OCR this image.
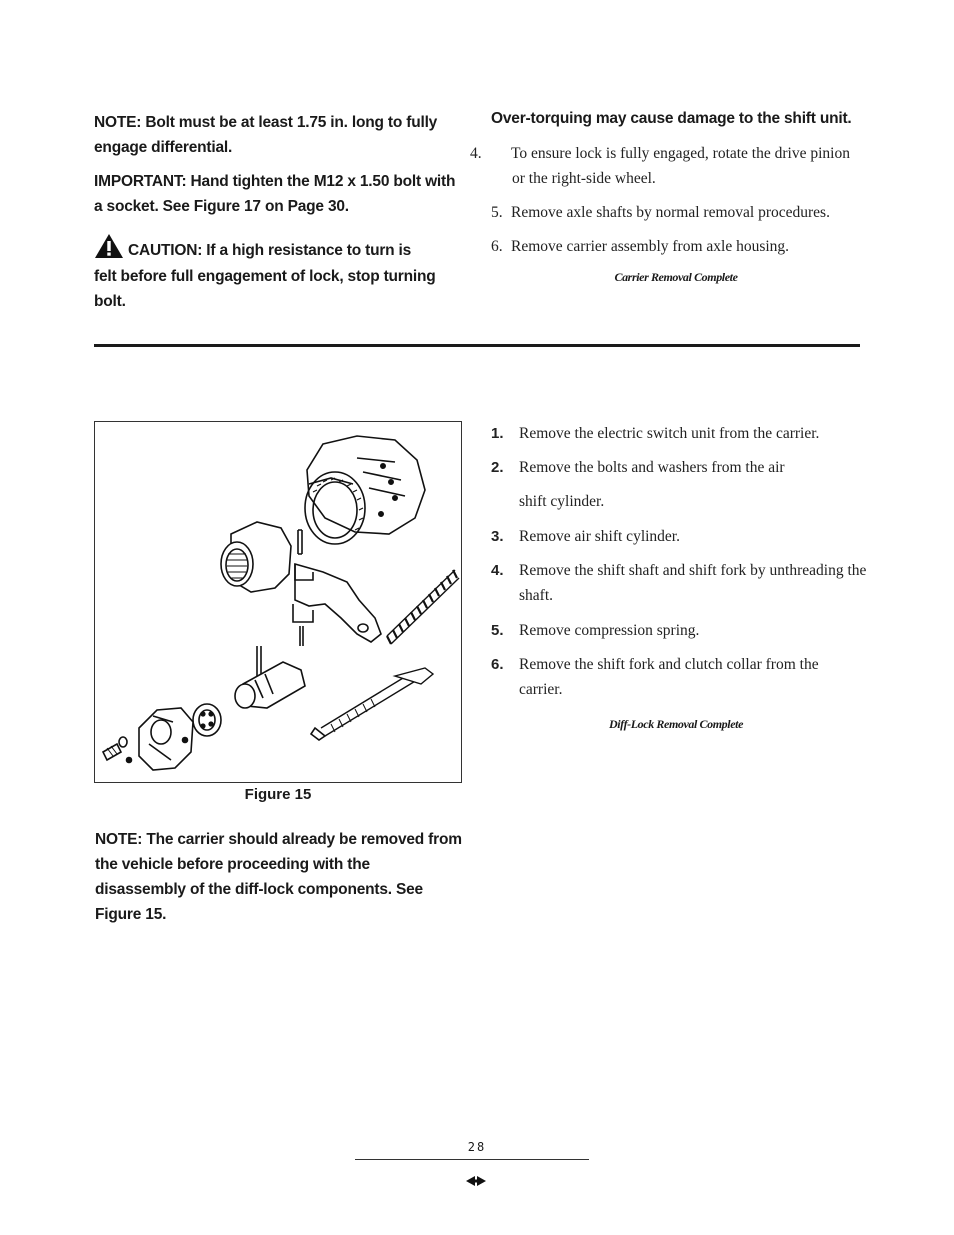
NOTE: Bolt must be at least 1.75 in. long to fully engage differential.
IMPORTANT: Hand tighten the M12 x 1.50 bolt with a socket. See Figure 17 on Page 30.
CAUTION: If a high resistance to turn is felt before full engagement of lock, stop turning bolt.
Over-torquing may cause damage to the shift unit.
4. To ensure lock is fully engaged, rotate the drive pinion or the right-side wheel.
5. Remove axle shafts by normal removal procedures.
6. Remove carrier assembly from axle housing.
Carrier Removal Complete
Figure 15
NOTE: The carrier should already be removed from the vehicle before proceeding with the disassembly of the diff-lock components. See Figure 15.
1. Remove the electric switch unit from the carrier.
2. Remove the bolts and washers from the air
shift cylinder.
3. Remove air shift cylinder.
4. Remove the shift shaft and shift fork by unthreading the shaft.
5. Remove compression spring.
6. Remove the shift fork and clutch collar from the carrier.
Diff-Lock Removal Complete
28
